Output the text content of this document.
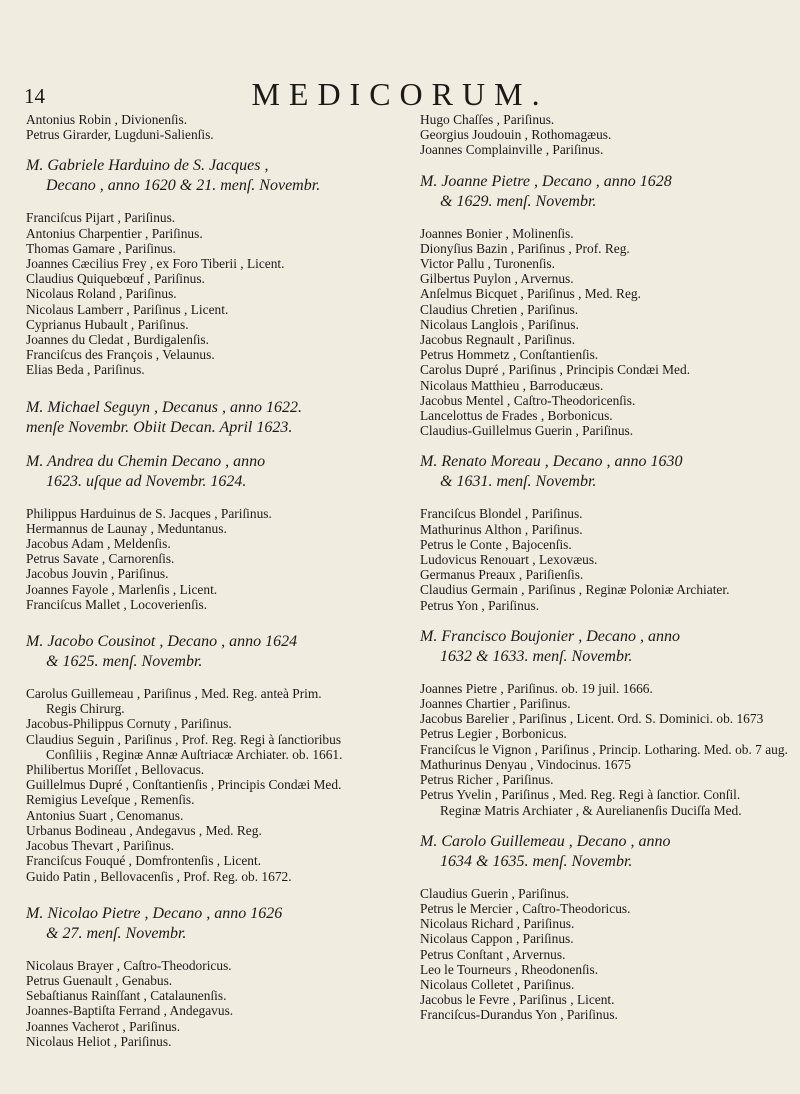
14	MEDICORUM.
Antonius Robin , Divionenſis.
Petrus Girarder, Lugduni-Salienſis.
M. Gabriele Harduino de S. Jacques ,
Decano , anno 1620 & 21. menſ. Novembr.
Franciſcus Pijart , Pariſinus.
Antonius Charpentier , Pariſinus.
Thomas Gamare , Pariſinus.
Joannes Cæcilius Frey , ex Foro Tiberii , Licent.
Claudius Quiquebœuf , Pariſinus.
Nicolaus Roland , Pariſinus.
Nicolaus Lamberr , Pariſinus , Licent.
Cyprianus Hubault , Pariſinus.
Joannes du Cledat , Burdigalenſis.
Franciſcus des François , Velaunus.
Elias Beda , Pariſinus.
M. Michael Seguyn , Decanus , anno 1622.
menſe Novembr. Obiit Decan. April 1623.
M. Andrea du Chemin Decano , anno
1623. uſque ad Novembr. 1624.
Philippus Harduinus de S. Jacques , Pariſinus.
Hermannus de Launay , Meduntanus.
Jacobus Adam , Meldenſis.
Petrus Savate , Carnorenſis.
Jacobus Jouvin , Pariſinus.
Joannes Fayole , Marlenſis , Licent.
Franciſcus Mallet , Locoverienſis.
M. Jacobo Cousinot , Decano , anno 1624
& 1625. menſ. Novembr.
Carolus Guillemeau , Pariſinus , Med. Reg. anteà Prim.
Regis Chirurg.
Jacobus-Philippus Cornuty , Pariſinus.
Claudius Seguin , Pariſinus , Prof. Reg. Regi à ſanctioribus
Conſiliis , Reginæ Annæ Auſtriacæ Archiater. ob. 1661.
Philibertus Moriſſet , Bellovacus.
Guillelmus Dupré , Conſtantienſis , Principis Condæi Med.
Remigius Leveſque , Remenſis.
Antonius Suart , Cenomanus.
Urbanus Bodineau , Andegavus , Med. Reg.
Jacobus Thevart , Pariſinus.
Franciſcus Fouqué , Domfrontenſis , Licent.
Guido Patin , Bellovacenſis , Prof. Reg. ob. 1672.
M. Nicolao Pietre , Decano , anno 1626
& 27. menſ. Novembr.
Nicolaus Brayer , Caſtro-Theodoricus.
Petrus Guenault , Genabus.
Sebaſtianus Rainſſant , Catalaunenſis.
Joannes-Baptiſta Ferrand , Andegavus.
Joannes Vacherot , Pariſinus.
Nicolaus Heliot , Pariſinus.
Hugo Chaſſes , Pariſinus.
Georgius Joudouin , Rothomagæus.
Joannes Complainville , Pariſinus.
M. Joanne Pietre , Decano , anno 1628
& 1629. menſ. Novembr.
Joannes Bonier , Molinenſis.
Dionyſius Bazin , Pariſinus , Prof. Reg.
Victor Pallu , Turonenſis.
Gilbertus Puylon , Arvernus.
Anſelmus Bicquet , Pariſinus , Med. Reg.
Claudius Chretien , Pariſinus.
Nicolaus Langlois , Pariſinus.
Jacobus Regnault , Pariſinus.
Petrus Hommetz , Conſtantienſis.
Carolus Dupré , Pariſinus , Principis Condæi Med.
Nicolaus Matthieu , Barroducæus.
Jacobus Mentel , Caſtro-Theodoricenſis.
Lancelottus de Frades , Borbonicus.
Claudius-Guillelmus Guerin , Pariſinus.
M. Renato Moreau , Decano , anno 1630
& 1631. menſ. Novembr.
Franciſcus Blondel , Pariſinus.
Mathurinus Althon , Pariſinus.
Petrus le Conte , Bajocenſis.
Ludovicus Renouart , Lexovæus.
Germanus Preaux , Pariſienſis.
Claudius Germain , Pariſinus , Reginæ Poloniæ Archiater.
Petrus Yon , Pariſinus.
M. Francisco Boujonier , Decano , anno
1632 & 1633. menſ. Novembr.
Joannes Pietre , Pariſinus. ob. 19 juil. 1666.
Joannes Chartier , Pariſinus.
Jacobus Barelier , Pariſinus , Licent. Ord. S. Dominici. ob. 1673
Petrus Legier , Borbonicus.
Franciſcus le Vignon , Pariſinus , Princip. Lotharing. Med. ob. 7 aug.
Mathurinus Denyau , Vindocinus. 1675
Petrus Richer , Pariſinus.
Petrus Yvelin , Pariſinus , Med. Reg. Regi à ſanctior. Conſil.
Reginæ Matris Archiater , & Aurelianenſis Duciſſa Med.
M. Carolo Guillemeau , Decano , anno
1634 & 1635. menſ. Novembr.
Claudius Guerin , Pariſinus.
Petrus le Mercier , Caſtro-Theodoricus.
Nicolaus Richard , Pariſinus.
Nicolaus Cappon , Pariſinus.
Petrus Conſtant , Arvernus.
Leo le Tourneurs , Rheodonenſis.
Nicolaus Colletet , Pariſinus.
Jacobus le Fevre , Pariſinus , Licent.
Franciſcus-Durandus Yon , Pariſinus.
